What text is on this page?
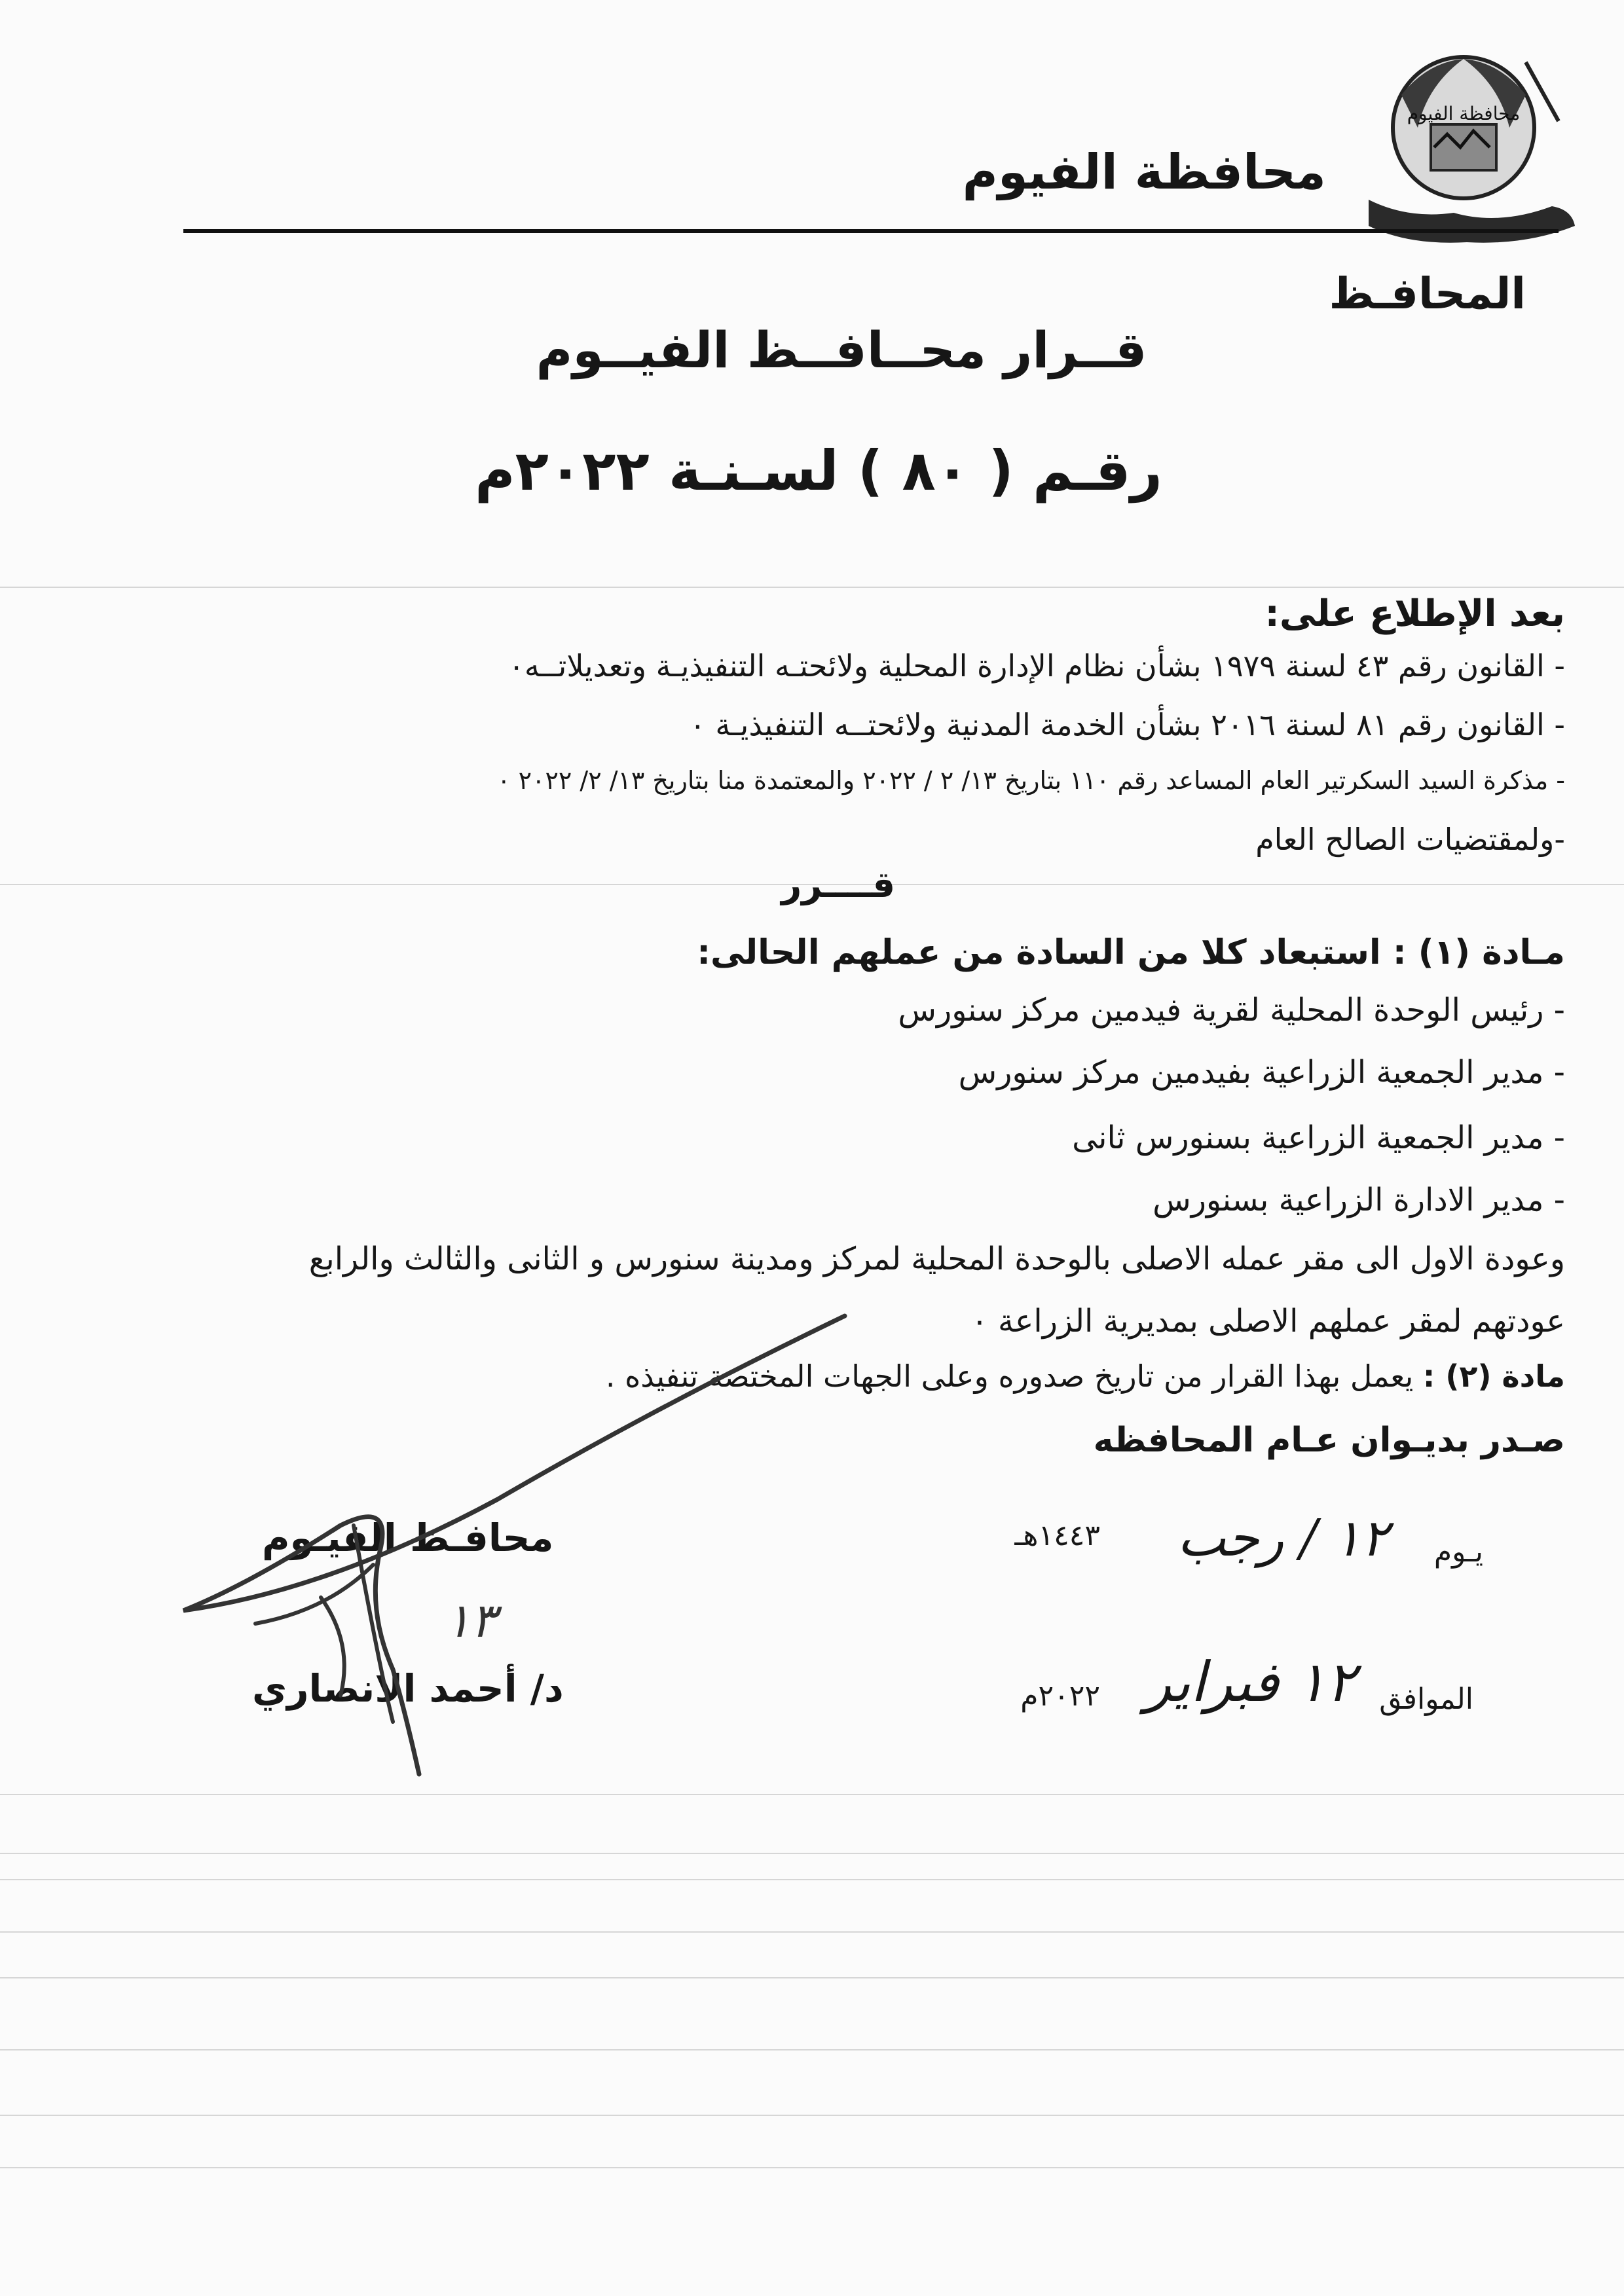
محافظة الفيوم
محافظة الفيوم
المحافـظ
قــرار محــافــظ الفيــوم
رقـم ( ٨٠ ) لسـنـة ٢٠٢٢م
بعد الإطلاع على:
- القانون رقم ٤٣ لسنة ١٩٧٩ بشأن نظام الإدارة المحلية ولائحتـه التنفيذيـة وتعديلاتــه٠
- القانون رقم ٨١ لسنة ٢٠١٦ بشأن الخدمة المدنية ولائحتــه التنفيذيـة ٠
- مذكرة السيد السكرتير العام المساعد رقم ١١٠ بتاريخ ١٣/ ٢ / ٢٠٢٢ والمعتمدة منا بتاريخ ١٣/ ٢/ ٢٠٢٢ ٠
-ولمقتضيات الصالح العام
قــــرر
مـادة (١) : استبعاد كلا من السادة من عملهم الحالى:
- رئيس الوحدة المحلية لقرية فيدمين مركز سنورس
- مدير الجمعية الزراعية بفيدمين مركز سنورس
- مدير الجمعية الزراعية بسنورس ثانى
- مدير الادارة الزراعية بسنورس
وعودة الاول الى مقر عمله الاصلى بالوحدة المحلية لمركز ومدينة سنورس و الثانى والثالث والرابع
عودتهم لمقر عملهم الاصلى بمديرية الزراعة ٠
مادة (٢) : يعمل بهذا القرار من تاريخ صدوره وعلى الجهات المختصة تنفيذه .
صـدر بديـوان عـام المحافظه
يـوم
١٢ / رجب
١٤٤٣هـ
الموافق
١٢ فبراير
٢٠٢٢م
محافـظ الفيـوم
د/ أحمد الانصاري
١٣
